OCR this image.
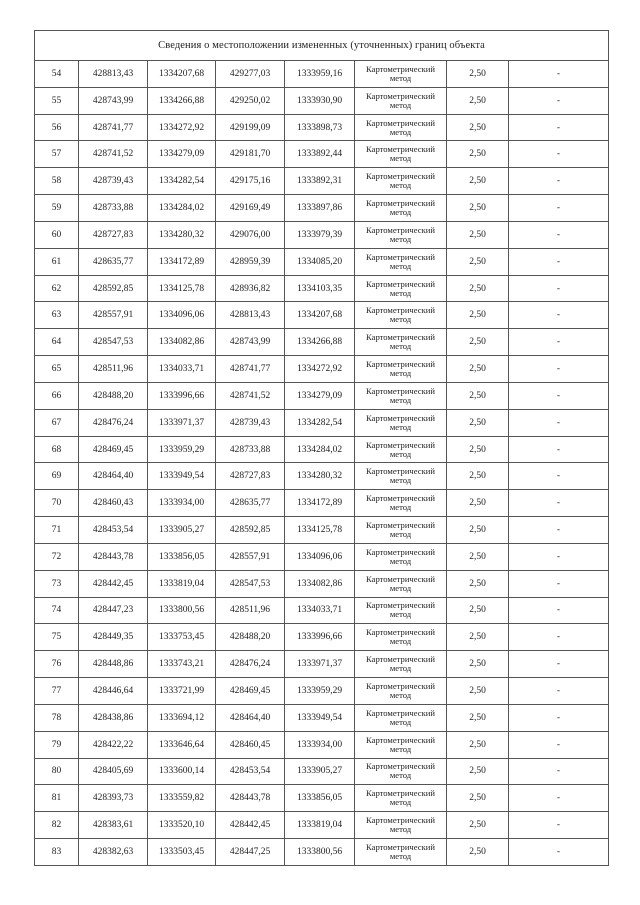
Сведения о местоположении измененных (уточненных) границ объекта							
54	428813,43	1334207,68	429277,03	1333959,16	Картометрический метод	2,50	-
55	428743,99	1334266,88	429250,02	1333930,90	Картометрический метод	2,50	-
56	428741,77	1334272,92	429199,09	1333898,73	Картометрический метод	2,50	-
57	428741,52	1334279,09	429181,70	1333892,44	Картометрический метод	2,50	-
58	428739,43	1334282,54	429175,16	1333892,31	Картометрический метод	2,50	-
59	428733,88	1334284,02	429169,49	1333897,86	Картометрический метод	2,50	-
60	428727,83	1334280,32	429076,00	1333979,39	Картометрический метод	2,50	-
61	428635,77	1334172,89	428959,39	1334085,20	Картометрический метод	2,50	-
62	428592,85	1334125,78	428936,82	1334103,35	Картометрический метод	2,50	-
63	428557,91	1334096,06	428813,43	1334207,68	Картометрический метод	2,50	-
64	428547,53	1334082,86	428743,99	1334266,88	Картометрический метод	2,50	-
65	428511,96	1334033,71	428741,77	1334272,92	Картометрический метод	2,50	-
66	428488,20	1333996,66	428741,52	1334279,09	Картометрический метод	2,50	-
67	428476,24	1333971,37	428739,43	1334282,54	Картометрический метод	2,50	-
68	428469,45	1333959,29	428733,88	1334284,02	Картометрический метод	2,50	-
69	428464,40	1333949,54	428727,83	1334280,32	Картометрический метод	2,50	-
70	428460,43	1333934,00	428635,77	1334172,89	Картометрический метод	2,50	-
71	428453,54	1333905,27	428592,85	1334125,78	Картометрический метод	2,50	-
72	428443,78	1333856,05	428557,91	1334096,06	Картометрический метод	2,50	-
73	428442,45	1333819,04	428547,53	1334082,86	Картометрический метод	2,50	-
74	428447,23	1333800,56	428511,96	1334033,71	Картометрический метод	2,50	-
75	428449,35	1333753,45	428488,20	1333996,66	Картометрический метод	2,50	-
76	428448,86	1333743,21	428476,24	1333971,37	Картометрический метод	2,50	-
77	428446,64	1333721,99	428469,45	1333959,29	Картометрический метод	2,50	-
78	428438,86	1333694,12	428464,40	1333949,54	Картометрический метод	2,50	-
79	428422,22	1333646,64	428460,45	1333934,00	Картометрический метод	2,50	-
80	428405,69	1333600,14	428453,54	1333905,27	Картометрический метод	2,50	-
81	428393,73	1333559,82	428443,78	1333856,05	Картометрический метод	2,50	-
82	428383,61	1333520,10	428442,45	1333819,04	Картометрический метод	2,50	-
83	428382,63	1333503,45	428447,25	1333800,56	Картометрический метод	2,50	-
